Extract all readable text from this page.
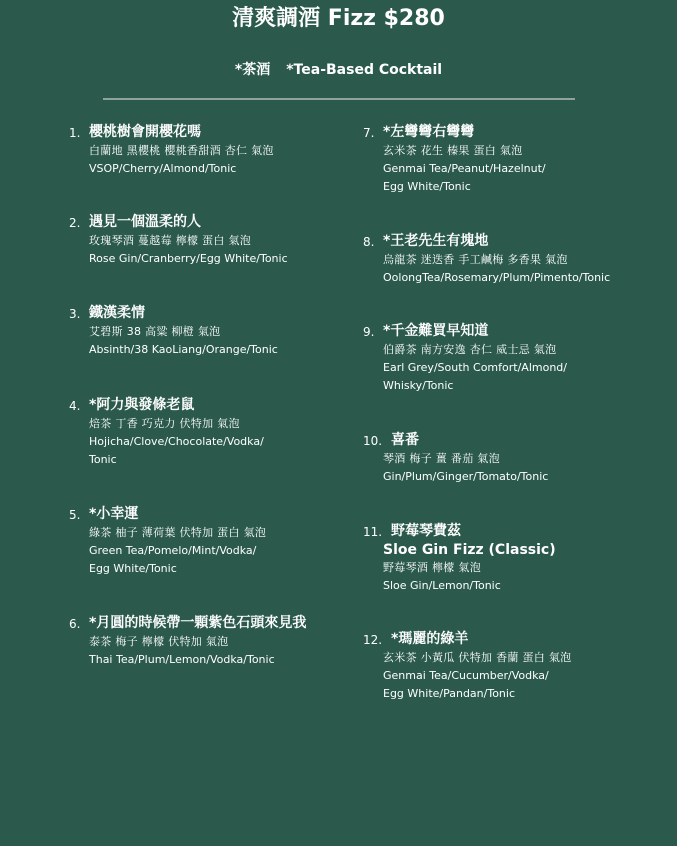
清爽調酒 Fizz $280
*茶酒 *Tea-Based Cocktail
1. 櫻桃樹會開櫻花嗎
白蘭地 黑櫻桃 櫻桃香甜酒 杏仁 氣泡
VSOP/Cherry/Almond/Tonic
2. 遇見一個溫柔的人
玫瑰琴酒 蔓越莓 檸檬 蛋白 氣泡
Rose Gin/Cranberry/Egg White/Tonic
3. 鐵漢柔情
艾碧斯 38 高粱 柳橙 氣泡
Absinth/38 KaoLiang/Orange/Tonic
4. *阿力與發條老鼠
焙茶 丁香 巧克力 伏特加 氣泡
Hojicha/Clove/Chocolate/Vodka/
Tonic
5. *小幸運
綠茶 柚子 薄荷葉 伏特加 蛋白 氣泡
Green Tea/Pomelo/Mint/Vodka/
Egg White/Tonic
6. *月圓的時候帶一顆紫色石頭來見我
泰茶 梅子 檸檬 伏特加 氣泡
Thai Tea/Plum/Lemon/Vodka/Tonic
7. *左彎彎右彎彎
玄米茶 花生 榛果 蛋白 氣泡
Genmai Tea/Peanut/Hazelnut/
Egg White/Tonic
8. *王老先生有塊地
烏龍茶 迷迭香 手工鹹梅 多香果 氣泡
OolongTea/Rosemary/Plum/Pimento/Tonic
9. *千金難買早知道
伯爵茶 南方安逸 杏仁 威士忌 氣泡
Earl Grey/South Comfort/Almond/
Whisky/Tonic
10. 喜番
琴酒 梅子 薑 番茄 氣泡
Gin/Plum/Ginger/Tomato/Tonic
11. 野莓琴費茲
Sloe Gin Fizz (Classic)
野莓琴酒 檸檬 氣泡
Sloe Gin/Lemon/Tonic
12. *瑪麗的綠羊
玄米茶 小黃瓜 伏特加 香蘭 蛋白 氣泡
Genmai Tea/Cucumber/Vodka/
Egg White/Pandan/Tonic
